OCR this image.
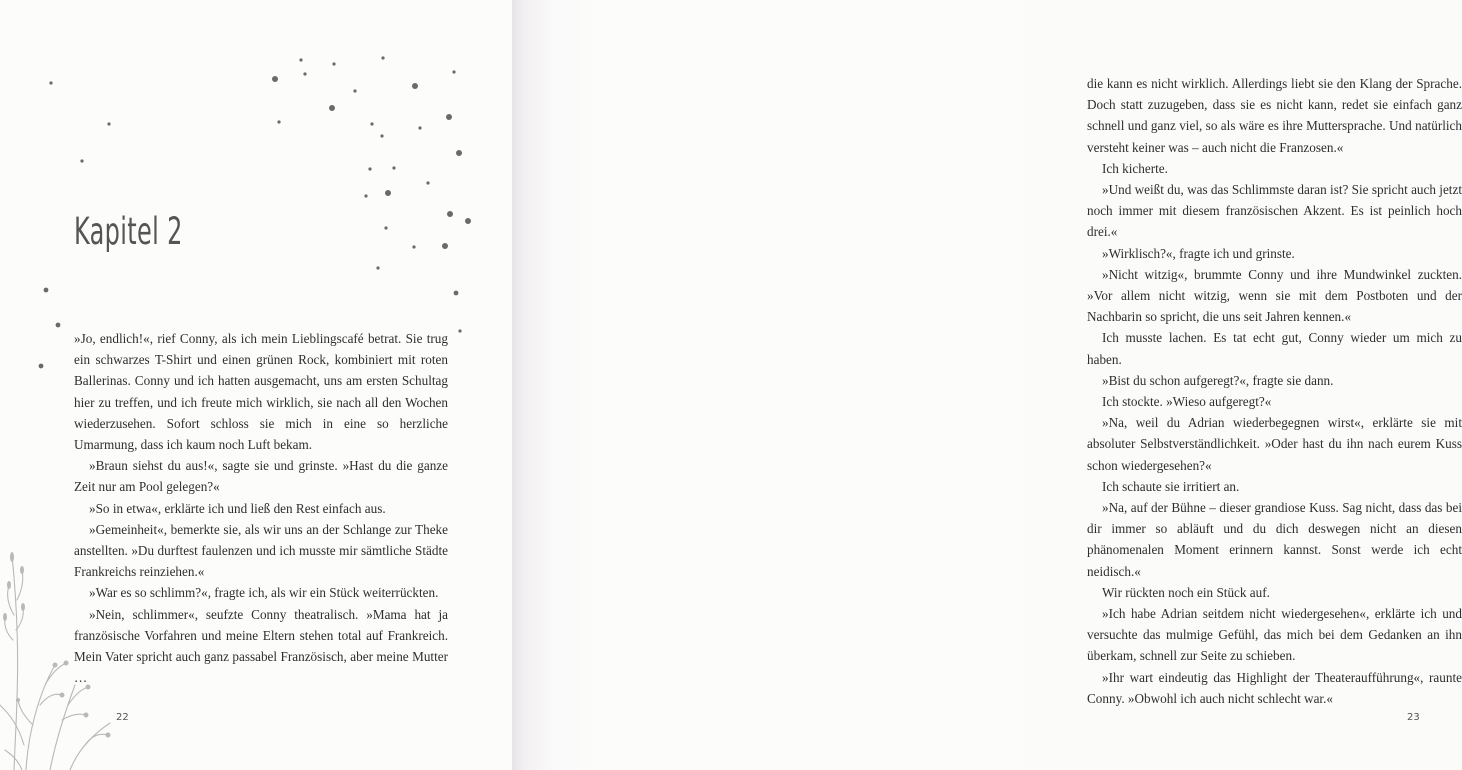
Kapitel 2

»Jo, endlich!«, rief Conny, als ich mein Lieblingscafé betrat. Sie trug ein schwarzes T-Shirt und einen grünen Rock, kombiniert mit roten Ballerinas. Conny und ich hatten ausgemacht, uns am ersten Schultag hier zu treffen, und ich freute mich wirklich, sie nach all den Wochen wiederzusehen. Sofort schloss sie mich in eine so herzliche Umarmung, dass ich kaum noch Luft bekam.

»Braun siehst du aus!«, sagte sie und grinste. »Hast du die ganze Zeit nur am Pool gelegen?«

»So in etwa«, erklärte ich und ließ den Rest einfach aus.

»Gemeinheit«, bemerkte sie, als wir uns an der Schlange zur Theke anstellten. »Du durftest faulenzen und ich musste mir sämtliche Städte Frankreichs reinziehen.«

»War es so schlimm?«, fragte ich, als wir ein Stück weiterrückten.

»Nein, schlimmer«, seufzte Conny theatralisch. »Mama hat ja französische Vorfahren und meine Eltern stehen total auf Frankreich. Mein Vater spricht auch ganz passabel Französisch, aber meine Mutter …

22

die kann es nicht wirklich. Allerdings liebt sie den Klang der Sprache. Doch statt zuzugeben, dass sie es nicht kann, redet sie einfach ganz schnell und ganz viel, so als wäre es ihre Muttersprache. Und natürlich versteht keiner was – auch nicht die Franzosen.«

Ich kicherte.

»Und weißt du, was das Schlimmste daran ist? Sie spricht auch jetzt noch immer mit diesem französischen Akzent. Es ist peinlich hoch drei.«

»Wirklisch?«, fragte ich und grinste.

»Nicht witzig«, brummte Conny und ihre Mundwinkel zuckten. »Vor allem nicht witzig, wenn sie mit dem Postboten und der Nachbarin so spricht, die uns seit Jahren kennen.«

Ich musste lachen. Es tat echt gut, Conny wieder um mich zu haben.

»Bist du schon aufgeregt?«, fragte sie dann.

Ich stockte. »Wieso aufgeregt?«

»Na, weil du Adrian wiederbegegnen wirst«, erklärte sie mit absoluter Selbstverständlichkeit. »Oder hast du ihn nach eurem Kuss schon wiedergesehen?«

Ich schaute sie irritiert an.

»Na, auf der Bühne – dieser grandiose Kuss. Sag nicht, dass das bei dir immer so abläuft und du dich deswegen nicht an diesen phänomenalen Moment erinnern kannst. Sonst werde ich echt neidisch.«

Wir rückten noch ein Stück auf.

»Ich habe Adrian seitdem nicht wiedergesehen«, erklärte ich und versuchte das mulmige Gefühl, das mich bei dem Gedanken an ihn überkam, schnell zur Seite zu schieben.

»Ihr wart eindeutig das Highlight der Theateraufführung«, raunte Conny. »Obwohl ich auch nicht schlecht war.«

23
